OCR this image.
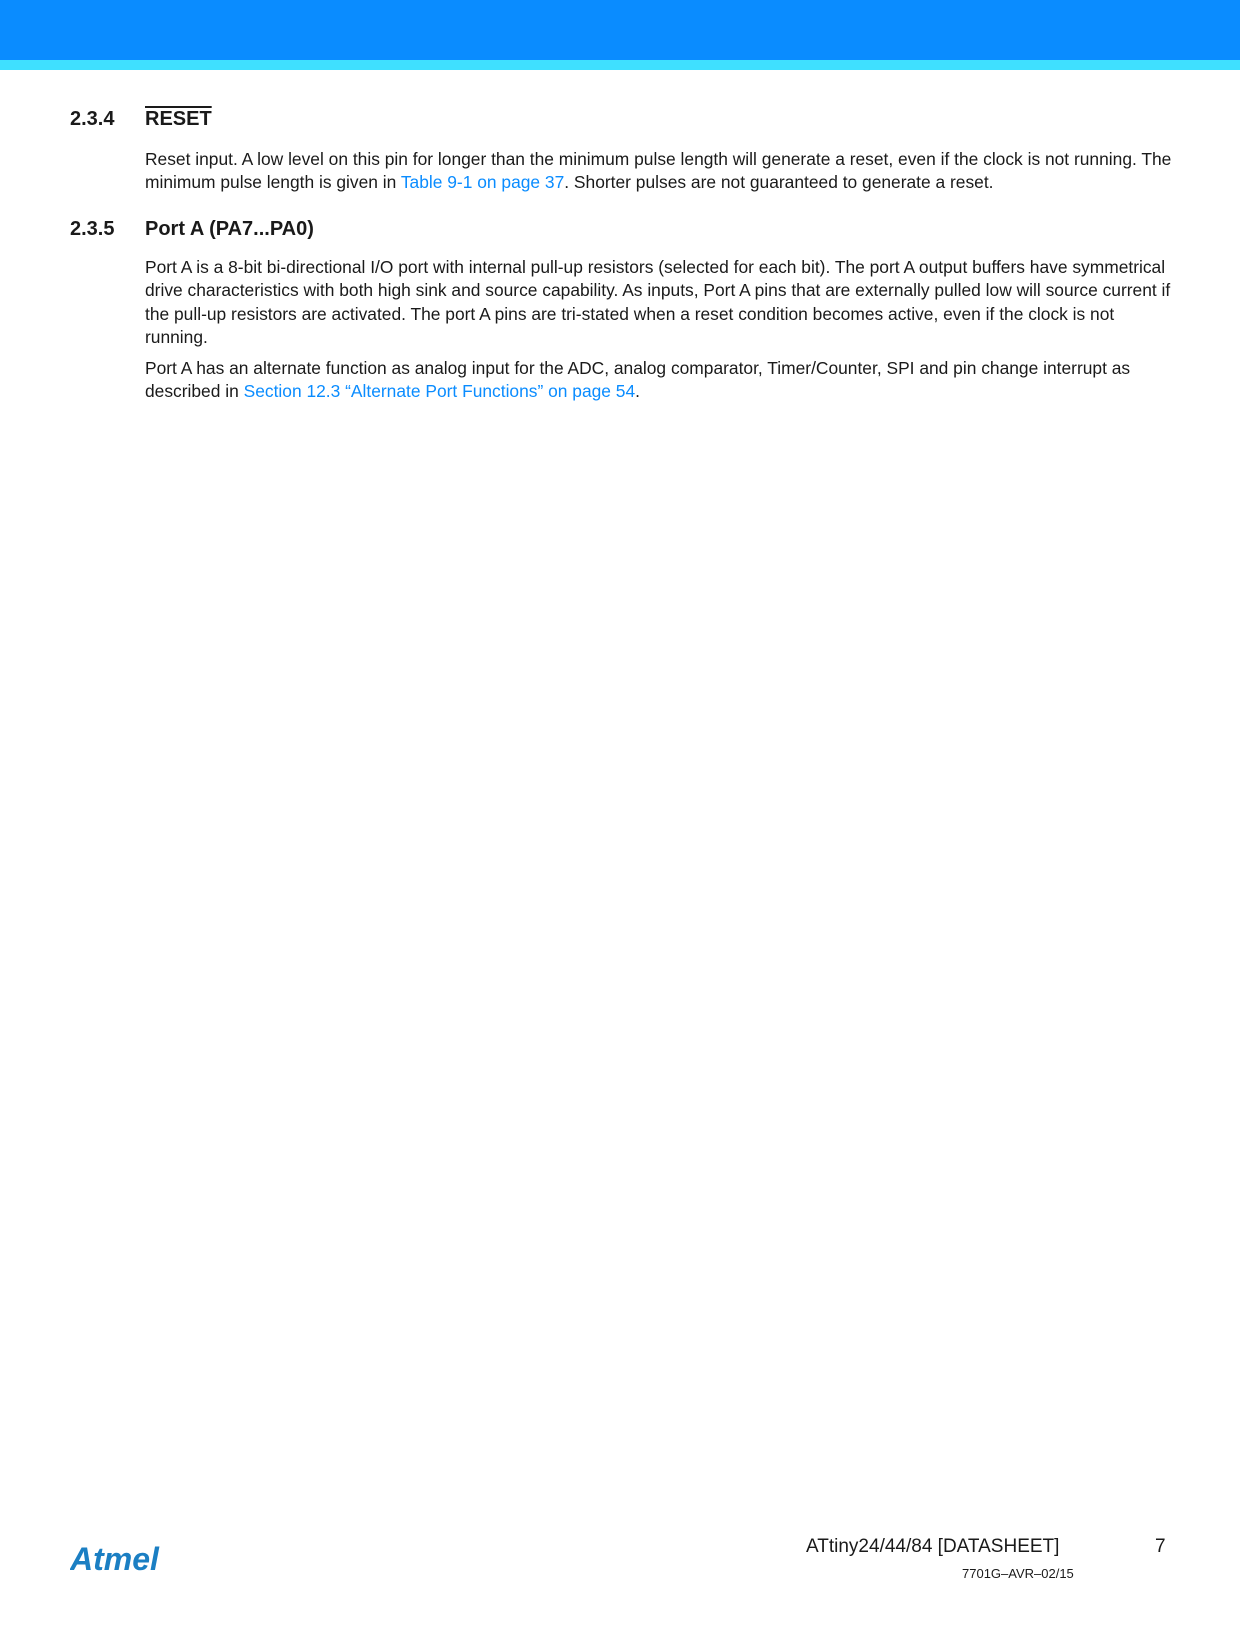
2.3.4 RESET

Reset input. A low level on this pin for longer than the minimum pulse length will generate a reset, even if the clock is not running. The minimum pulse length is given in Table 9-1 on page 37. Shorter pulses are not guaranteed to generate a reset.

2.3.5 Port A (PA7...PA0)

Port A is a 8-bit bi-directional I/O port with internal pull-up resistors (selected for each bit). The port A output buffers have symmetrical drive characteristics with both high sink and source capability. As inputs, Port A pins that are externally pulled low will source current if the pull-up resistors are activated. The port A pins are tri-stated when a reset condition becomes active, even if the clock is not running.

Port A has an alternate function as analog input for the ADC, analog comparator, Timer/Counter, SPI and pin change interrupt as described in Section 12.3 “Alternate Port Functions” on page 54.

Atmel	ATtiny24/44/84 [DATASHEET]	7
7701G–AVR–02/15
